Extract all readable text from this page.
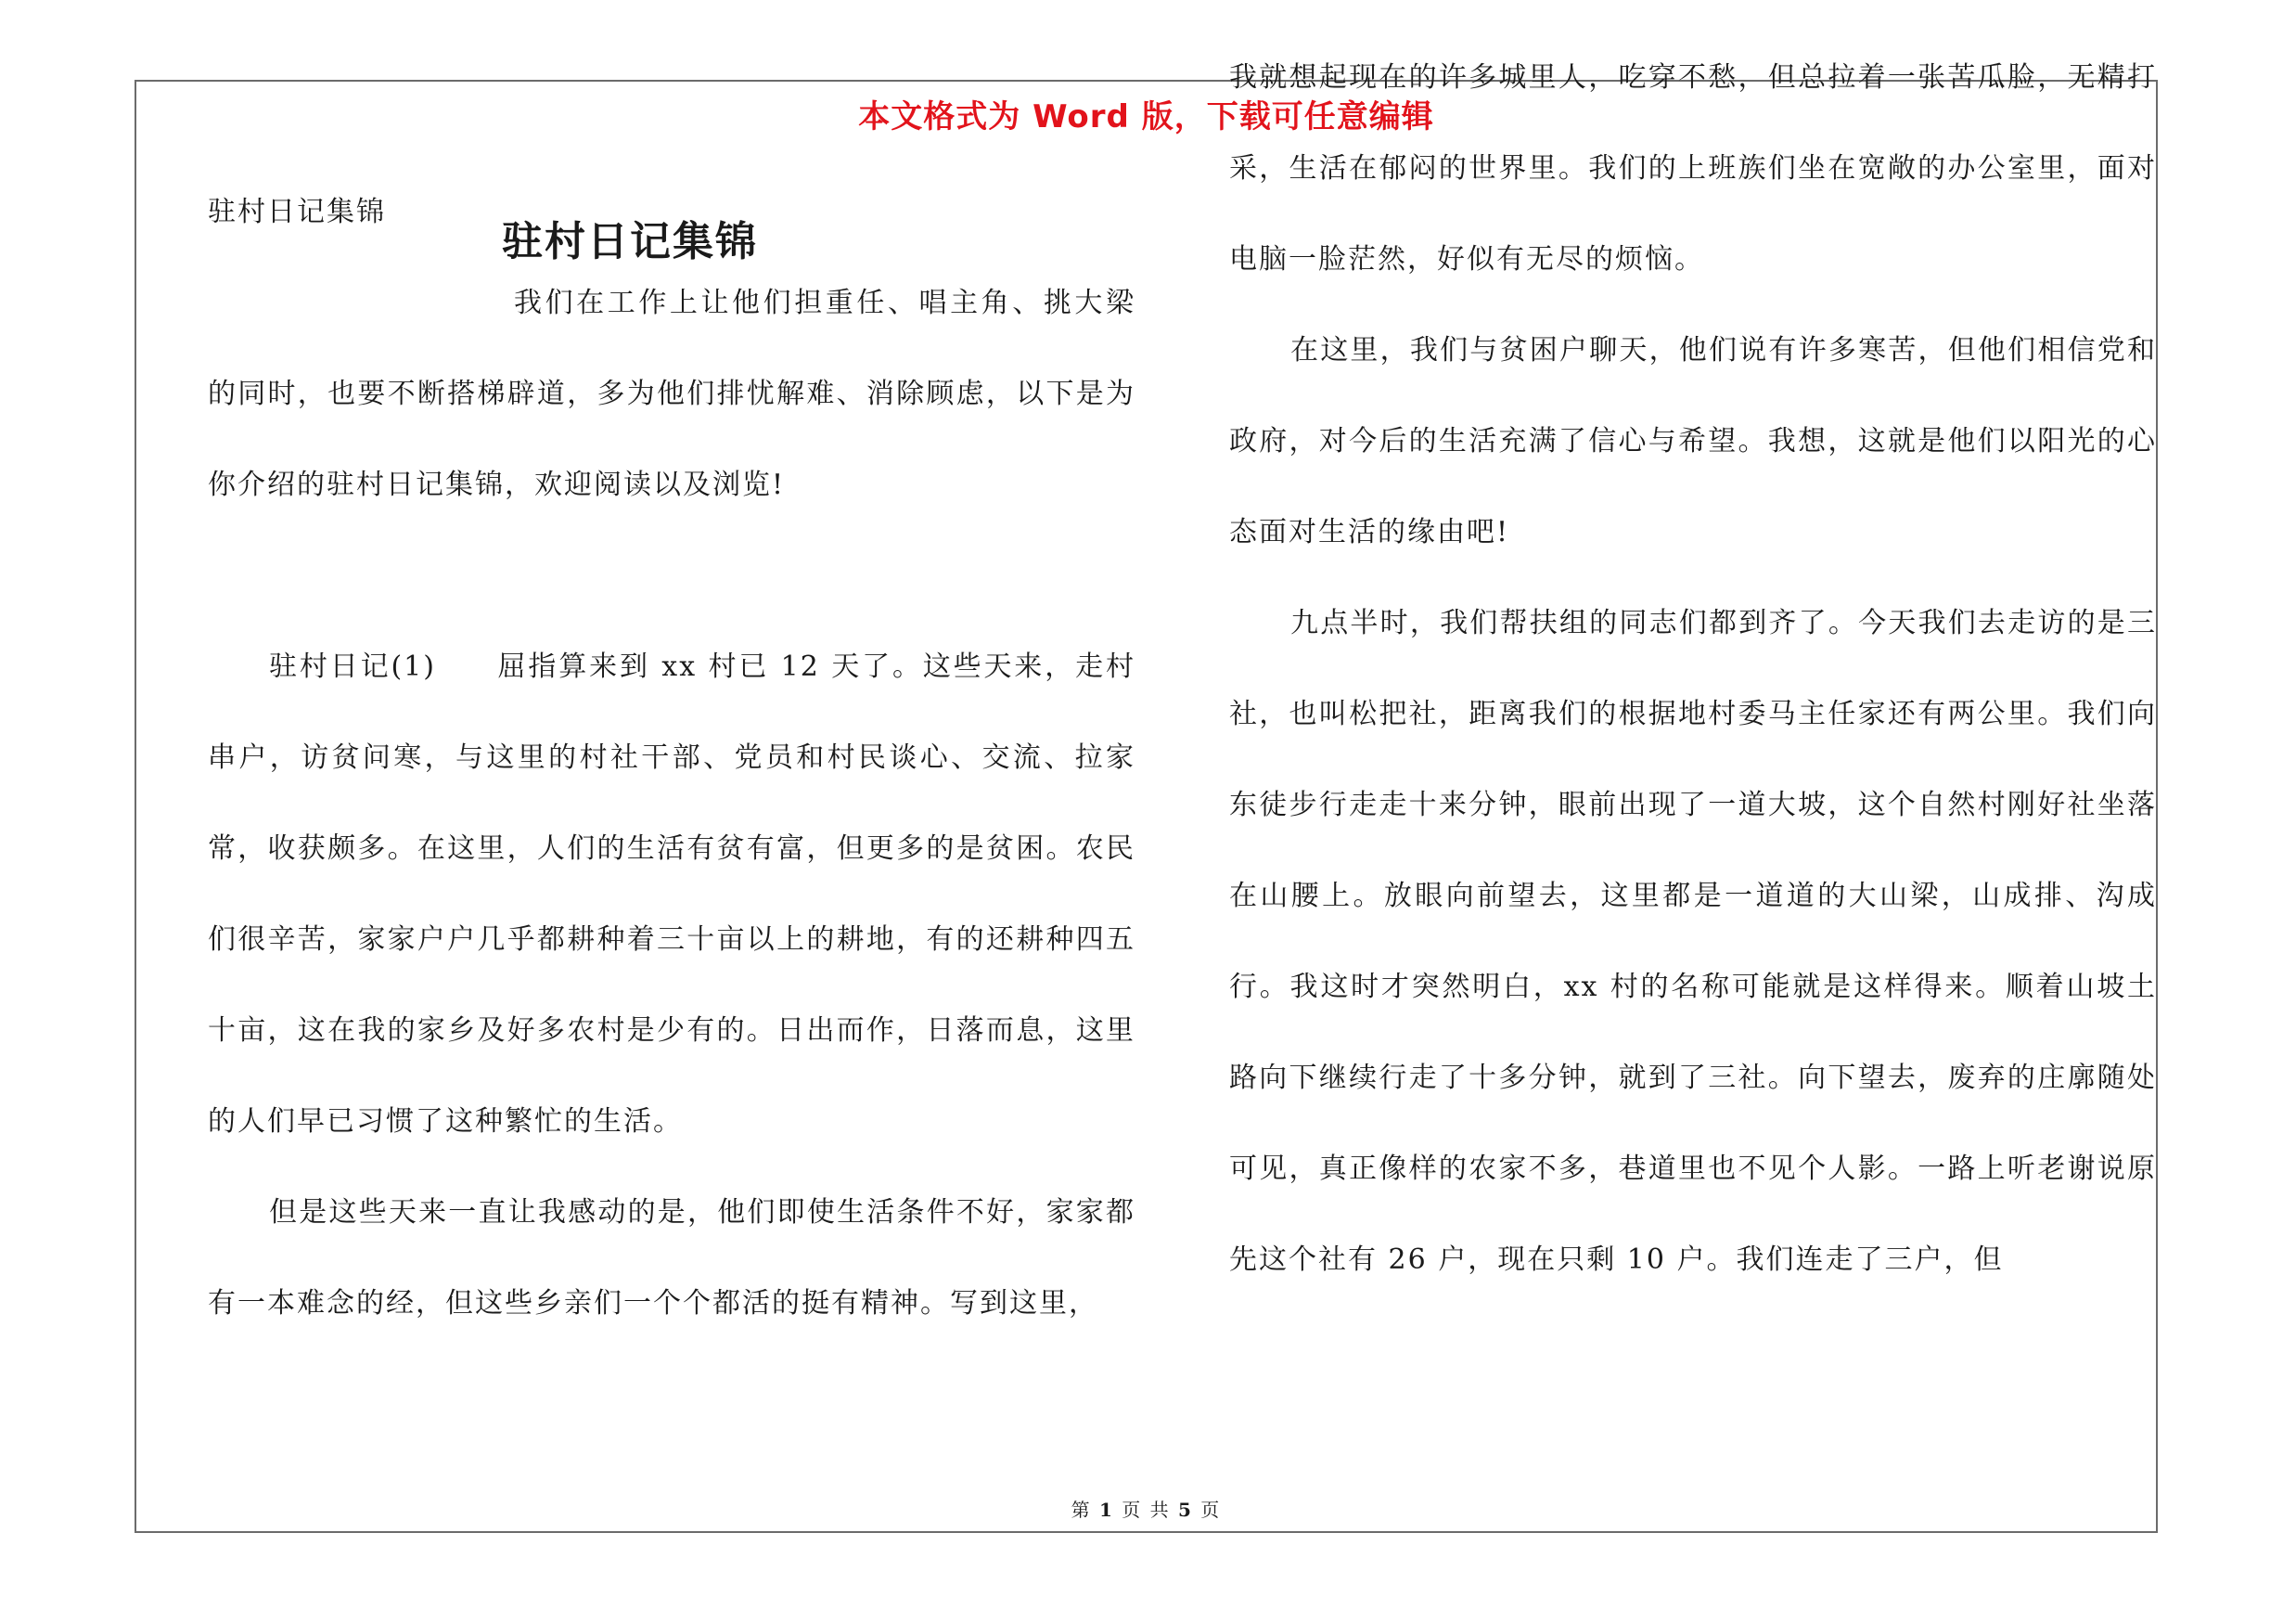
本文格式为 Word 版，下载可任意编辑
驻村日记集锦

驻村日记集锦

我们在工作上让他们担重任、唱主角、挑大梁的同时，也要不断搭梯辟道，多为他们排忧解难、消除顾虑，以下是为你介绍的驻村日记集锦，欢迎阅读以及浏览!

驻村日记(1)　　屈指算来到 xx 村已 12 天了。这些天来，走村串户，访贫问寒，与这里的村社干部、党员和村民谈心、交流、拉家常，收获颇多。在这里，人们的生活有贫有富，但更多的是贫困。农民们很辛苦，家家户户几乎都耕种着三十亩以上的耕地，有的还耕种四五十亩，这在我的家乡及好多农村是少有的。日出而作，日落而息，这里的人们早已习惯了这种繁忙的生活。

但是这些天来一直让我感动的是，他们即使生活条件不好，家家都有一本难念的经，但这些乡亲们一个个都活的挺有精神。写到这里，

我就想起现在的许多城里人，吃穿不愁，但总拉着一张苦瓜脸，无精打采，生活在郁闷的世界里。我们的上班族们坐在宽敞的办公室里，面对电脑一脸茫然，好似有无尽的烦恼。

在这里，我们与贫困户聊天，他们说有许多寒苦，但他们相信党和政府，对今后的生活充满了信心与希望。我想，这就是他们以阳光的心态面对生活的缘由吧!

九点半时，我们帮扶组的同志们都到齐了。今天我们去走访的是三社，也叫松把社，距离我们的根据地村委马主任家还有两公里。我们向东徒步行走走十来分钟，眼前出现了一道大坡，这个自然村刚好社坐落在山腰上。放眼向前望去，这里都是一道道的大山梁，山成排、沟成行。我这时才突然明白，xx 村的名称可能就是这样得来。顺着山坡土路向下继续行走了十多分钟，就到了三社。向下望去，废弃的庄廓随处可见，真正像样的农家不多，巷道里也不见个人影。一路上听老谢说原先这个社有 26 户，现在只剩 10 户。我们连走了三户，但

第 1 页 共 5 页
